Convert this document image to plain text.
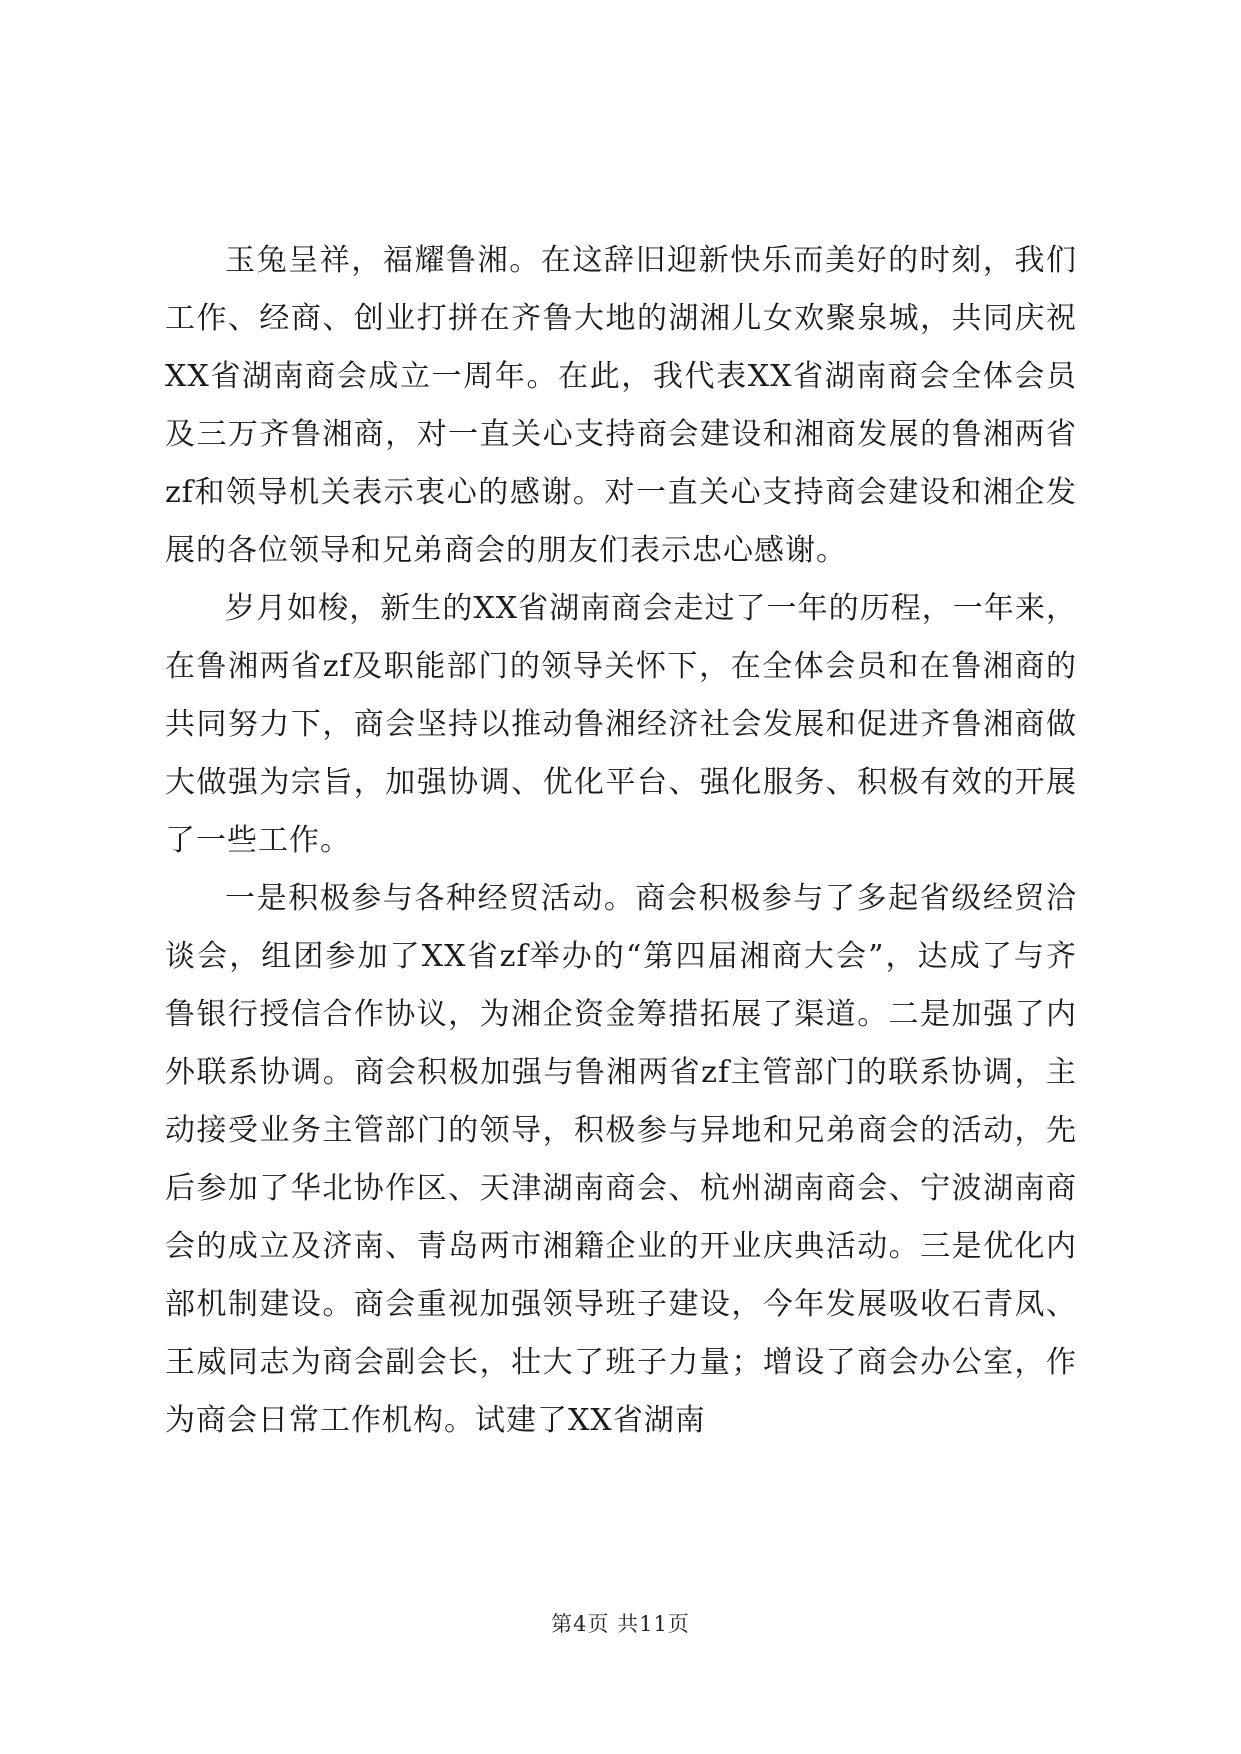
玉兔呈祥，福耀鲁湘。在这辞旧迎新快乐而美好的时刻，我们工作、经商、创业打拼在齐鲁大地的湖湘儿女欢聚泉城，共同庆祝XX省湖南商会成立一周年。在此，我代表XX省湖南商会全体会员及三万齐鲁湘商，对一直关心支持商会建设和湘商发展的鲁湘两省zf和领导机关表示衷心的感谢。对一直关心支持商会建设和湘企发展的各位领导和兄弟商会的朋友们表示忠心感谢。

岁月如梭，新生的XX省湖南商会走过了一年的历程，一年来，在鲁湘两省zf及职能部门的领导关怀下，在全体会员和在鲁湘商的共同努力下，商会坚持以推动鲁湘经济社会发展和促进齐鲁湘商做大做强为宗旨，加强协调、优化平台、强化服务、积极有效的开展了一些工作。

一是积极参与各种经贸活动。商会积极参与了多起省级经贸洽谈会，组团参加了XX省zf举办的“第四届湘商大会”，达成了与齐鲁银行授信合作协议，为湘企资金筹措拓展了渠道。二是加强了内外联系协调。商会积极加强与鲁湘两省zf主管部门的联系协调，主动接受业务主管部门的领导，积极参与异地和兄弟商会的活动，先后参加了华北协作区、天津湖南商会、杭州湖南商会、宁波湖南商会的成立及济南、青岛两市湘籍企业的开业庆典活动。三是优化内部机制建设。商会重视加强领导班子建设，今年发展吸收石青凤、王威同志为商会副会长，壮大了班子力量；增设了商会办公室，作为商会日常工作机构。试建了XX省湖南

第4页 共11页
